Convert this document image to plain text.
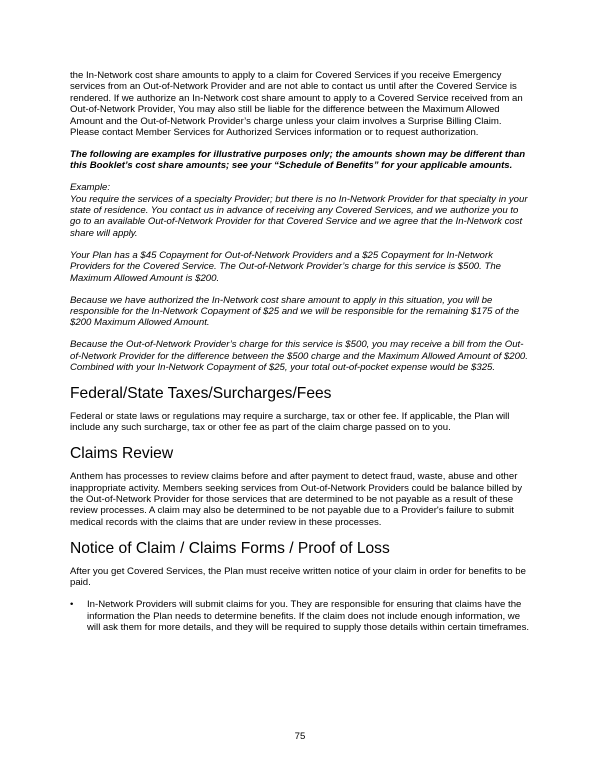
the In-Network cost share amounts to apply to a claim for Covered Services if you receive Emergency services from an Out-of-Network Provider and are not able to contact us until after the Covered Service is rendered. If we authorize an In-Network cost share amount to apply to a Covered Service received from an Out-of-Network Provider, You may also still be liable for the difference between the Maximum Allowed Amount and the Out-of-Network Provider’s charge unless your claim involves a Surprise Billing Claim. Please contact Member Services for Authorized Services information or to request authorization.

The following are examples for illustrative purposes only; the amounts shown may be different than this Booklet’s cost share amounts; see your “Schedule of Benefits” for your applicable amounts.

Example:

You require the services of a specialty Provider; but there is no In-Network Provider for that specialty in your state of residence. You contact us in advance of receiving any Covered Services, and we authorize you to go to an available Out-of-Network Provider for that Covered Service and we agree that the In-Network cost share will apply.

Your Plan has a $45 Copayment for Out-of-Network Providers and a $25 Copayment for In-Network Providers for the Covered Service. The Out-of-Network Provider’s charge for this service is $500. The Maximum Allowed Amount is $200.

Because we have authorized the In-Network cost share amount to apply in this situation, you will be responsible for the In-Network Copayment of $25 and we will be responsible for the remaining $175 of the $200 Maximum Allowed Amount.

Because the Out-of-Network Provider’s charge for this service is $500, you may receive a bill from the Out-of-Network Provider for the difference between the $500 charge and the Maximum Allowed Amount of $200. Combined with your In-Network Copayment of $25, your total out-of-pocket expense would be $325.

Federal/State Taxes/Surcharges/Fees

Federal or state laws or regulations may require a surcharge, tax or other fee. If applicable, the Plan will include any such surcharge, tax or other fee as part of the claim charge passed on to you.

Claims Review

Anthem has processes to review claims before and after payment to detect fraud, waste, abuse and other inappropriate activity. Members seeking services from Out-of-Network Providers could be balance billed by the Out-of-Network Provider for those services that are determined to be not payable as a result of these review processes. A claim may also be determined to be not payable due to a Provider's failure to submit medical records with the claims that are under review in these processes.

Notice of Claim / Claims Forms / Proof of Loss

After you get Covered Services, the Plan must receive written notice of your claim in order for benefits to be paid.

• In-Network Providers will submit claims for you. They are responsible for ensuring that claims have the information the Plan needs to determine benefits. If the claim does not include enough information, we will ask them for more details, and they will be required to supply those details within certain timeframes.
75
